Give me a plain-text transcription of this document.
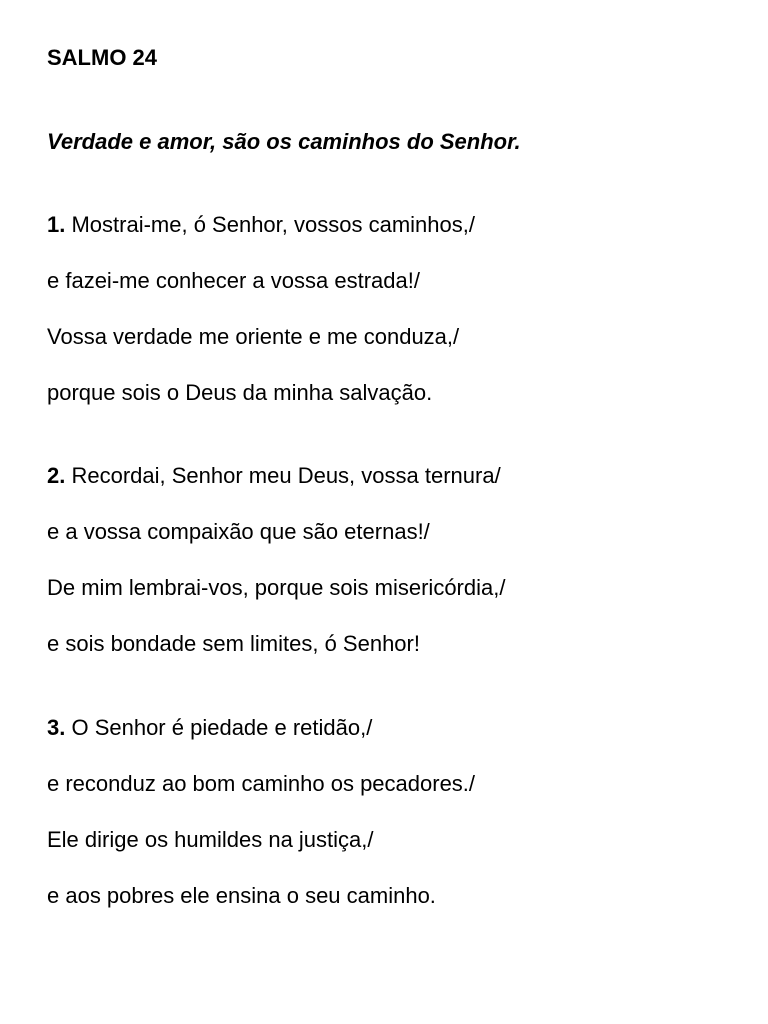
SALMO 24
Verdade e amor, são os caminhos do Senhor.
1. Mostrai-me, ó Senhor, vossos caminhos,/
e fazei-me conhecer a vossa estrada!/
Vossa verdade me oriente e me conduza,/
porque sois o Deus da minha salvação.
2. Recordai, Senhor meu Deus, vossa ternura/
e a vossa compaixão que são eternas!/
De mim lembrai-vos, porque sois misericórdia,/
e sois bondade sem limites, ó Senhor!
3. O Senhor é piedade e retidão,/
e reconduz ao bom caminho os pecadores./
Ele dirige os humildes na justiça,/
e aos pobres ele ensina o seu caminho.
